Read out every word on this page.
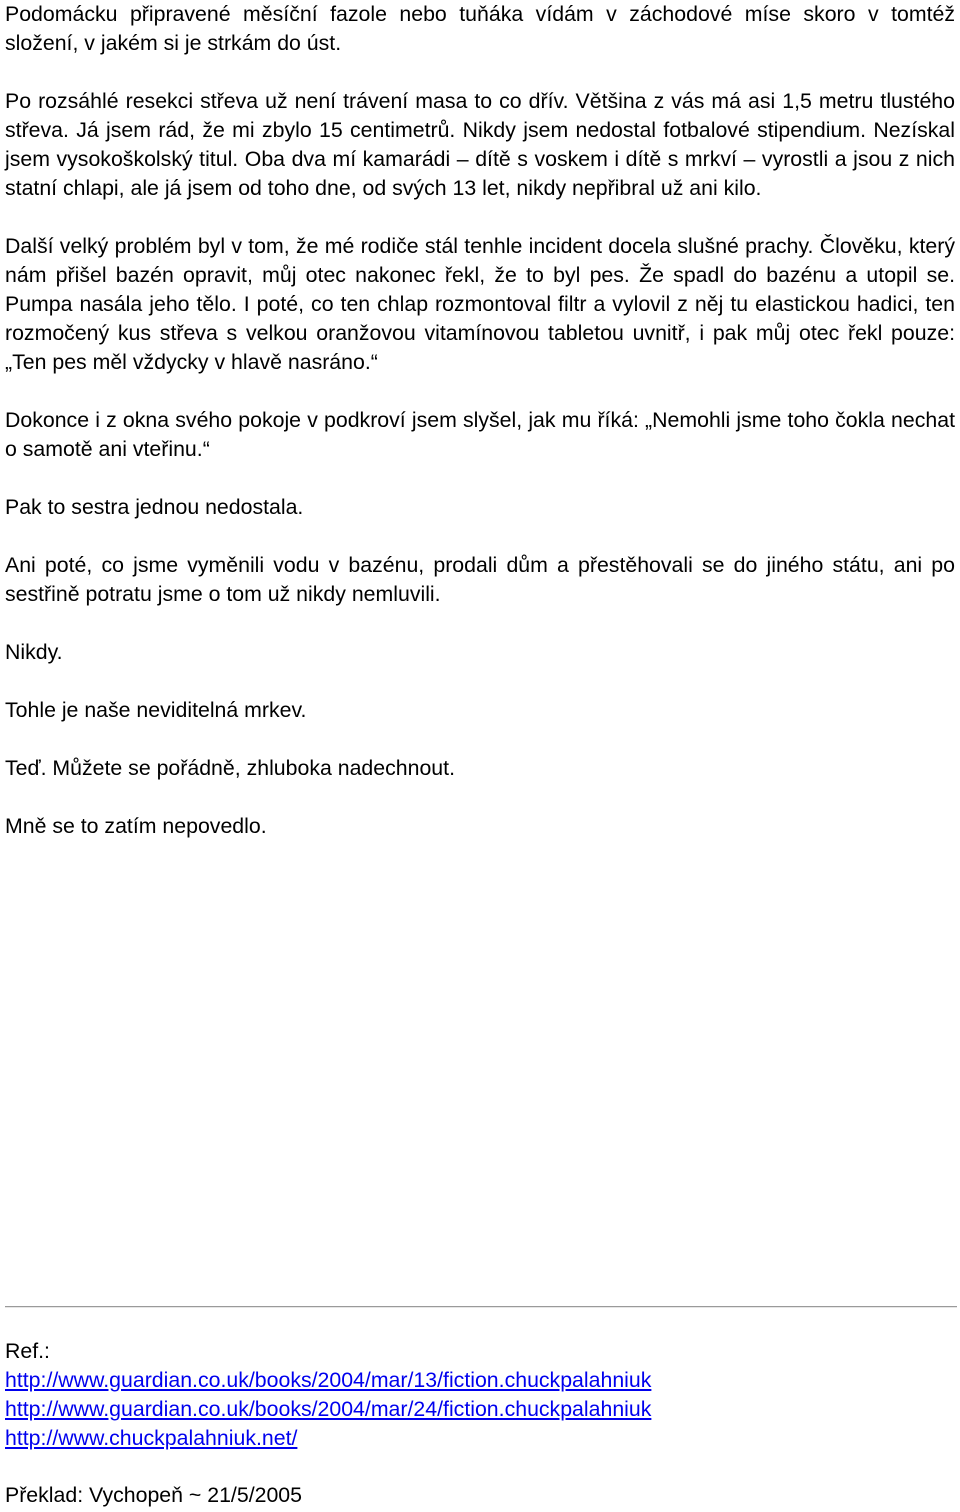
Podomácku připravené měsíční fazole nebo tuňáka vídám v záchodové míse skoro v tomtéž složení, v jakém si je strkám do úst.

Po rozsáhlé resekci střeva už není trávení masa to co dřív. Většina z vás má asi 1,5 metru tlustého střeva. Já jsem rád, že mi zbylo 15 centimetrů. Nikdy jsem nedostal fotbalové stipendium. Nezískal jsem vysokoškolský titul. Oba dva mí kamarádi – dítě s voskem i dítě s mrkví – vyrostli a jsou z nich statní chlapi, ale já jsem od toho dne, od svých 13 let, nikdy nepřibral už ani kilo.

Další velký problém byl v tom, že mé rodiče stál tenhle incident docela slušné prachy. Člověku, který nám přišel bazén opravit, můj otec nakonec řekl, že to byl pes. Že spadl do bazénu a utopil se. Pumpa nasála jeho tělo. I poté, co ten chlap rozmontoval filtr a vylovil z něj tu elastickou hadici, ten rozmočený kus střeva s velkou oranžovou vitamínovou tabletou uvnitř, i pak můj otec řekl pouze: „Ten pes měl vždycky v hlavě nasráno.“

Dokonce i z okna svého pokoje v podkroví jsem slyšel, jak mu říká: „Nemohli jsme toho čokla nechat o samotě ani vteřinu.“

Pak to sestra jednou nedostala.

Ani poté, co jsme vyměnili vodu v bazénu, prodali dům a přestěhovali se do jiného státu, ani po sestřině potratu jsme o tom už nikdy nemluvili.

Nikdy.

Tohle je naše neviditelná mrkev.

Teď. Můžete se pořádně, zhluboka nadechnout.

Mně se to zatím nepovedlo.

Ref.:
http://www.guardian.co.uk/books/2004/mar/13/fiction.chuckpalahniuk
http://www.guardian.co.uk/books/2004/mar/24/fiction.chuckpalahniuk
http://www.chuckpalahniuk.net/
Překlad: Vychopeň ~ 21/5/2005
